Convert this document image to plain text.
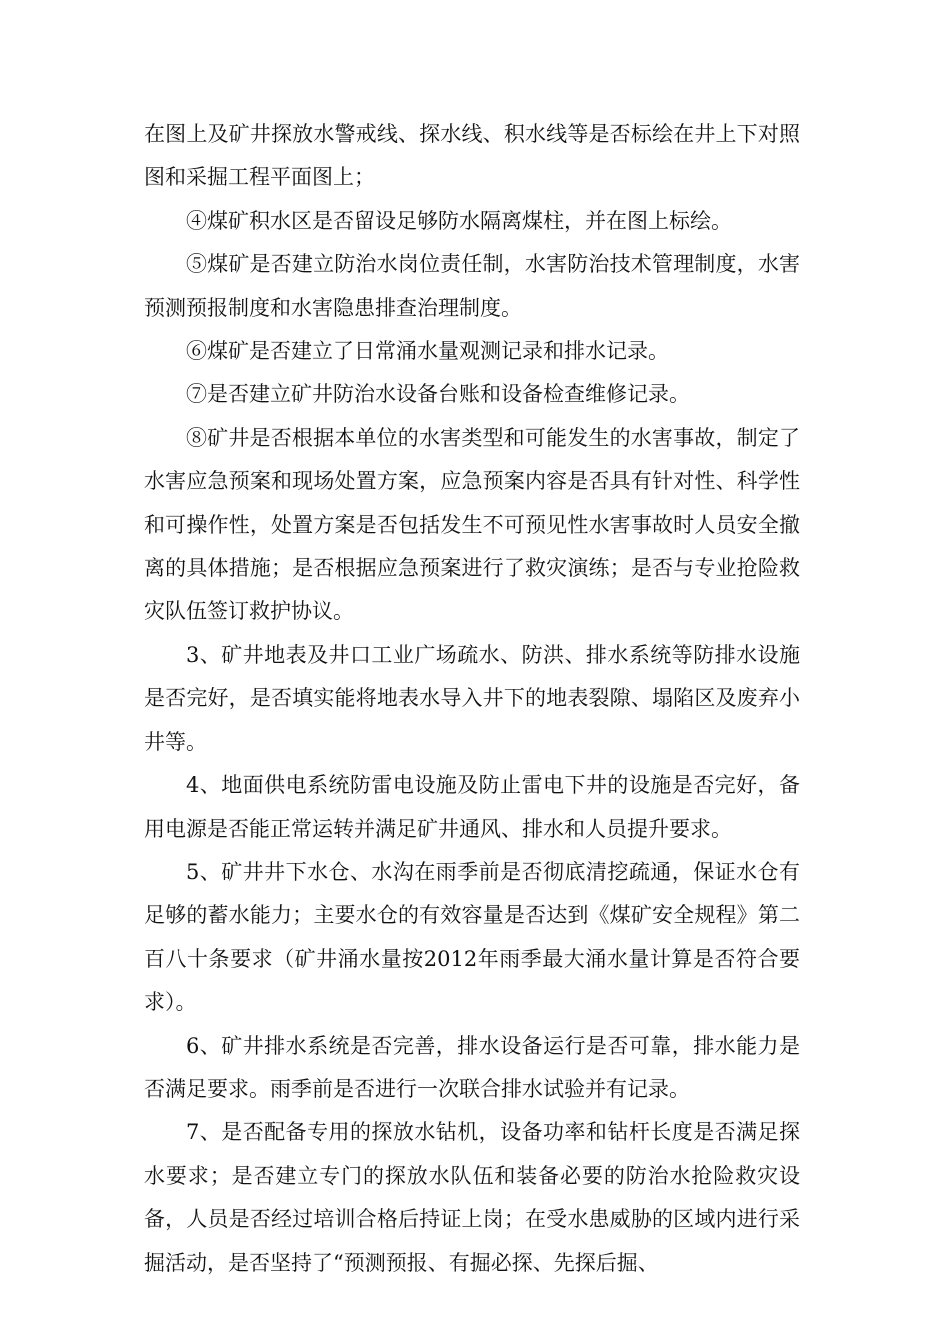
在图上及矿井探放水警戒线、探水线、积水线等是否标绘在井上下对照图和采掘工程平面图上；

④煤矿积水区是否留设足够防水隔离煤柱，并在图上标绘。

⑤煤矿是否建立防治水岗位责任制，水害防治技术管理制度，水害预测预报制度和水害隐患排查治理制度。

⑥煤矿是否建立了日常涌水量观测记录和排水记录。

⑦是否建立矿井防治水设备台账和设备检查维修记录。

⑧矿井是否根据本单位的水害类型和可能发生的水害事故，制定了水害应急预案和现场处置方案，应急预案内容是否具有针对性、科学性和可操作性，处置方案是否包括发生不可预见性水害事故时人员安全撤离的具体措施；是否根据应急预案进行了救灾演练；是否与专业抢险救灾队伍签订救护协议。

3、矿井地表及井口工业广场疏水、防洪、排水系统等防排水设施是否完好，是否填实能将地表水导入井下的地表裂隙、塌陷区及废弃小井等。

4、地面供电系统防雷电设施及防止雷电下井的设施是否完好，备用电源是否能正常运转并满足矿井通风、排水和人员提升要求。

5、矿井井下水仓、水沟在雨季前是否彻底清挖疏通，保证水仓有足够的蓄水能力；主要水仓的有效容量是否达到《煤矿安全规程》第二百八十条要求（矿井涌水量按2012年雨季最大涌水量计算是否符合要求）。

6、矿井排水系统是否完善，排水设备运行是否可靠，排水能力是否满足要求。雨季前是否进行一次联合排水试验并有记录。

7、是否配备专用的探放水钻机，设备功率和钻杆长度是否满足探水要求；是否建立专门的探放水队伍和装备必要的防治水抢险救灾设备，人员是否经过培训合格后持证上岗；在受水患威胁的区域内进行采掘活动，是否坚持了“预测预报、有掘必探、先探后掘、
